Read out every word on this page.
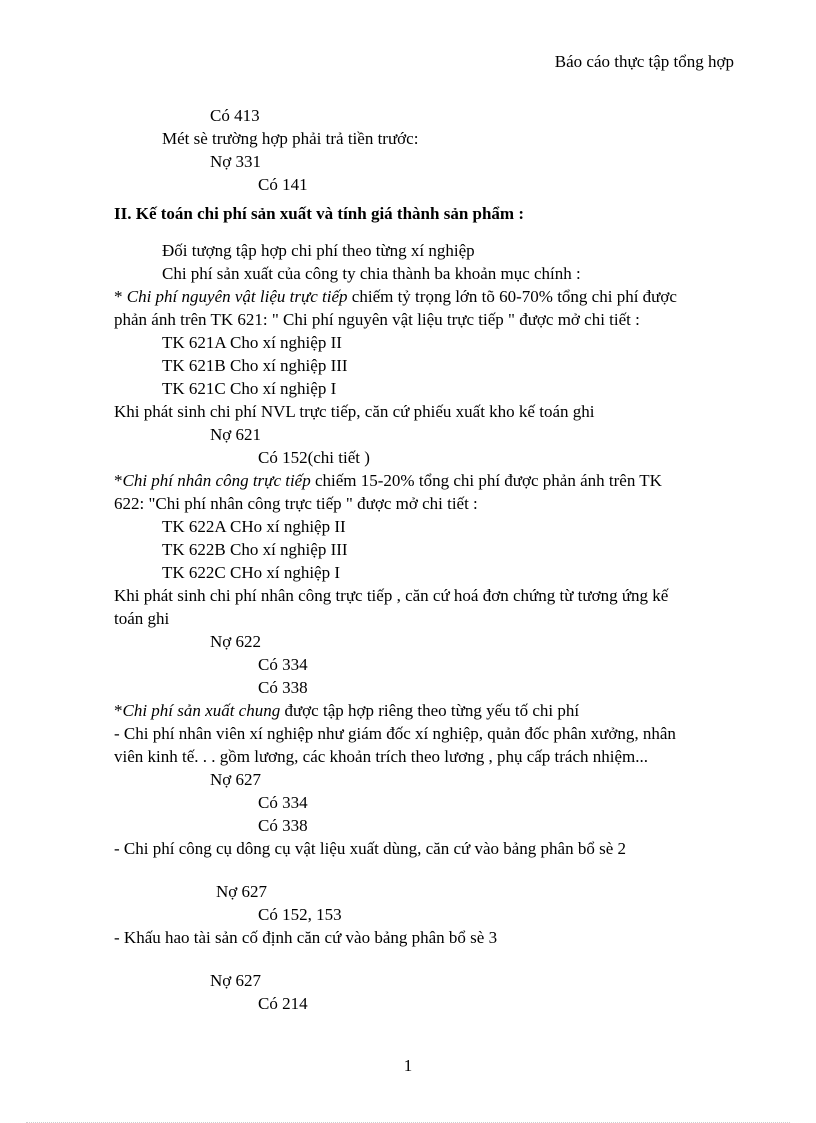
Báo cáo thực tập tổng hợp
Có 413
Mét sè trường hợp phải trả tiền trước:
Nợ 331
Có 141
II. Kế toán chi phí sản xuất và tính giá thành sản phẩm :
Đối tượng tập hợp chi phí theo từng xí nghiệp
Chi phí sản xuất của công ty chia thành ba khoản mục chính :
* Chi phí nguyên vật liệu trực tiếp chiếm tỷ trọng lớn tõ 60-70% tổng chi phí được
phản ánh trên TK 621: " Chi phí nguyên vật liệu trực tiếp " được mở chi tiết :
TK 621A Cho xí nghiệp II
TK 621B Cho xí nghiệp III
TK 621C Cho xí nghiệp I
Khi phát sinh chi phí NVL trực tiếp, căn cứ phiếu xuất kho kế toán ghi
Nợ 621
Có 152(chi tiết )
*Chi phí nhân công trực tiếp chiếm 15-20% tổng chi phí được phản ánh trên TK
622: "Chi phí nhân công trực tiếp " được mở chi tiết :
TK 622A CHo xí nghiệp II
TK 622B Cho xí nghiệp III
TK 622C CHo xí nghiệp I
Khi phát sinh chi phí nhân công trực tiếp , căn cứ hoá đơn chứng từ tương ứng kế
toán ghi
Nợ 622
Có 334
Có 338
*Chi phí sản xuất chung được tập hợp riêng theo từng yếu tố chi phí
- Chi phí nhân viên xí nghiệp như giám đốc xí nghiệp, quản đốc phân xưởng, nhân
viên kinh tế. . . gồm lương, các khoản trích theo lương , phụ cấp trách nhiệm...
Nợ 627
Có 334
Có 338
- Chi phí công cụ dông cụ vật liệu xuất dùng, căn cứ vào bảng phân bổ sè 2
Nợ 627
Có 152, 153
- Khấu hao tài sản cố định căn cứ vào bảng phân bổ sè 3
Nợ 627
Có 214
1
